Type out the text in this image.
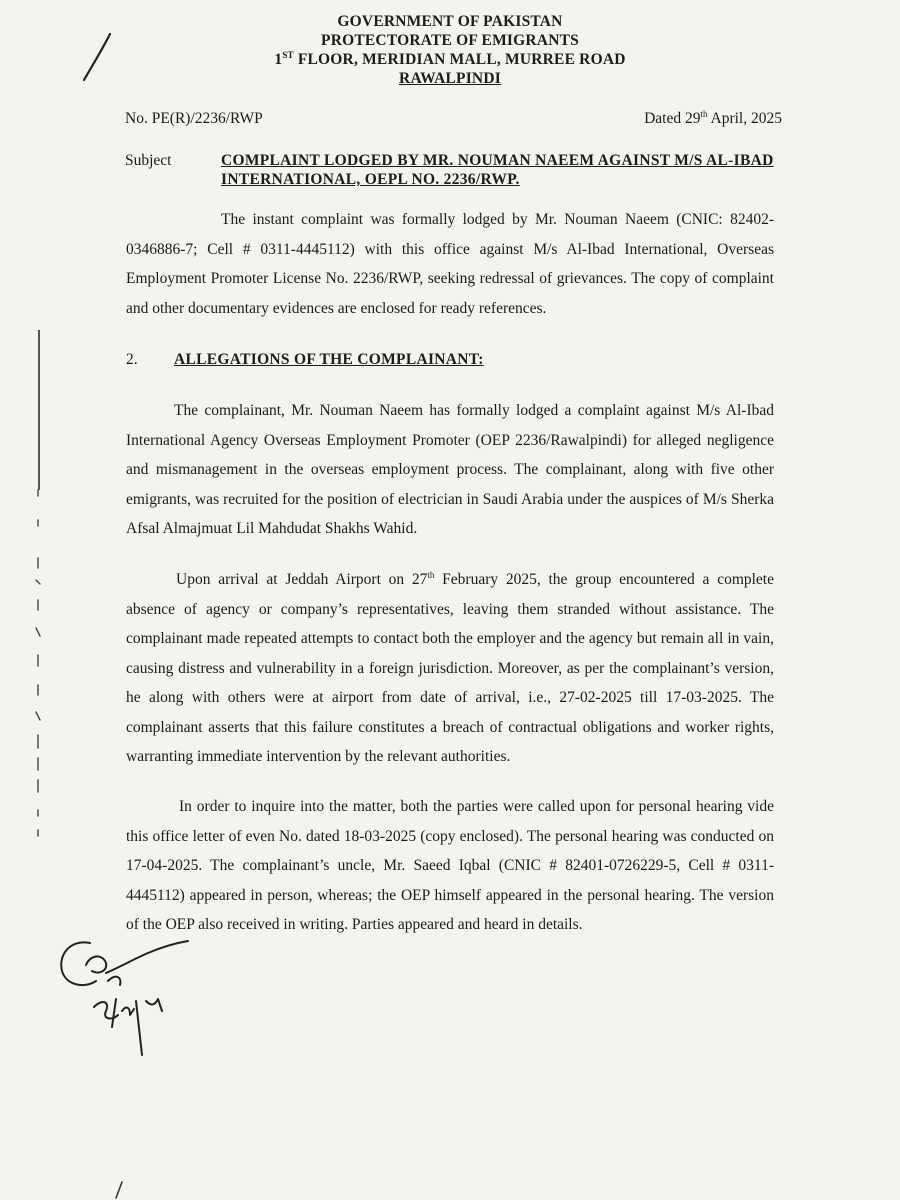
GOVERNMENT OF PAKISTAN
PROTECTORATE OF EMIGRANTS
1ST FLOOR, MERIDIAN MALL, MURREE ROAD
RAWALPINDI
No. PE(R)/2236/RWP	Dated 29th April, 2025
Subject	COMPLAINT LODGED BY MR. NOUMAN NAEEM AGAINST M/S AL-IBAD INTERNATIONAL, OEPL NO. 2236/RWP.
The instant complaint was formally lodged by Mr. Nouman Naeem (CNIC: 82402-0346886-7; Cell # 0311-4445112) with this office against M/s Al-Ibad International, Overseas Employment Promoter License No. 2236/RWP, seeking redressal of grievances. The copy of complaint and other documentary evidences are enclosed for ready references.
2. ALLEGATIONS OF THE COMPLAINANT:
The complainant, Mr. Nouman Naeem has formally lodged a complaint against M/s Al-Ibad International Agency Overseas Employment Promoter (OEP 2236/Rawalpindi) for alleged negligence and mismanagement in the overseas employment process. The complainant, along with five other emigrants, was recruited for the position of electrician in Saudi Arabia under the auspices of M/s Sherka Afsal Almajmuat Lil Mahdudat Shakhs Wahid.
Upon arrival at Jeddah Airport on 27th February 2025, the group encountered a complete absence of agency or company’s representatives, leaving them stranded without assistance. The complainant made repeated attempts to contact both the employer and the agency but remain all in vain, causing distress and vulnerability in a foreign jurisdiction. Moreover, as per the complainant’s version, he along with others were at airport from date of arrival, i.e., 27-02-2025 till 17-03-2025. The complainant asserts that this failure constitutes a breach of contractual obligations and worker rights, warranting immediate intervention by the relevant authorities.
In order to inquire into the matter, both the parties were called upon for personal hearing vide this office letter of even No. dated 18-03-2025 (copy enclosed). The personal hearing was conducted on 17-04-2025. The complainant’s uncle, Mr. Saeed Iqbal (CNIC # 82401-0726229-5, Cell # 0311-4445112) appeared in person, whereas; the OEP himself appeared in the personal hearing. The version of the OEP also received in writing. Parties appeared and heard in details.
